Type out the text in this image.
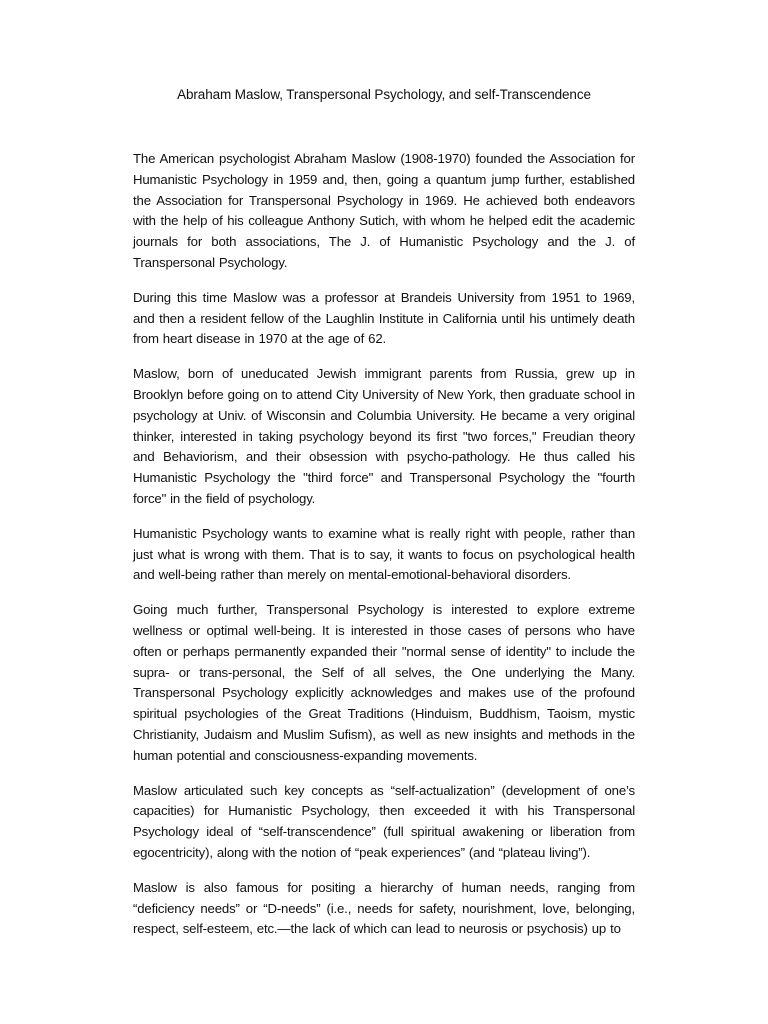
Abraham Maslow, Transpersonal Psychology, and self-Transcendence

The American psychologist Abraham Maslow (1908-1970) founded the Association for Humanistic Psychology in 1959 and, then, going a quantum jump further, established the Association for Transpersonal Psychology in 1969. He achieved both endeavors with the help of his colleague Anthony Sutich, with whom he helped edit the academic journals for both associations, The J. of Humanistic Psychology and the J. of Transpersonal Psychology.

During this time Maslow was a professor at Brandeis University from 1951 to 1969, and then a resident fellow of the Laughlin Institute in California until his untimely death from heart disease in 1970 at the age of 62.

Maslow, born of uneducated Jewish immigrant parents from Russia, grew up in Brooklyn before going on to attend City University of New York, then graduate school in psychology at Univ. of Wisconsin and Columbia University. He became a very original thinker, interested in taking psychology beyond its first "two forces," Freudian theory and Behaviorism, and their obsession with psycho-pathology. He thus called his Humanistic Psychology the "third force" and Transpersonal Psychology the "fourth force" in the field of psychology.

Humanistic Psychology wants to examine what is really right with people, rather than just what is wrong with them. That is to say, it wants to focus on psychological health and well-being rather than merely on mental-emotional-behavioral disorders.

Going much further, Transpersonal Psychology is interested to explore extreme wellness or optimal well-being. It is interested in those cases of persons who have often or perhaps permanently expanded their "normal sense of identity" to include the supra- or trans-personal, the Self of all selves, the One underlying the Many. Transpersonal Psychology explicitly acknowledges and makes use of the profound spiritual psychologies of the Great Traditions (Hinduism, Buddhism, Taoism, mystic Christianity, Judaism and Muslim Sufism), as well as new insights and methods in the human potential and consciousness-expanding movements.

Maslow articulated such key concepts as “self-actualization” (development of one’s capacities) for Humanistic Psychology, then exceeded it with his Transpersonal Psychology ideal of “self-transcendence” (full spiritual awakening or liberation from egocentricity), along with the notion of “peak experiences” (and “plateau living”).

Maslow is also famous for positing a hierarchy of human needs, ranging from “deficiency needs” or “D-needs” (i.e., needs for safety, nourishment, love, belonging, respect, self-esteem, etc.—the lack of which can lead to neurosis or psychosis) up to
